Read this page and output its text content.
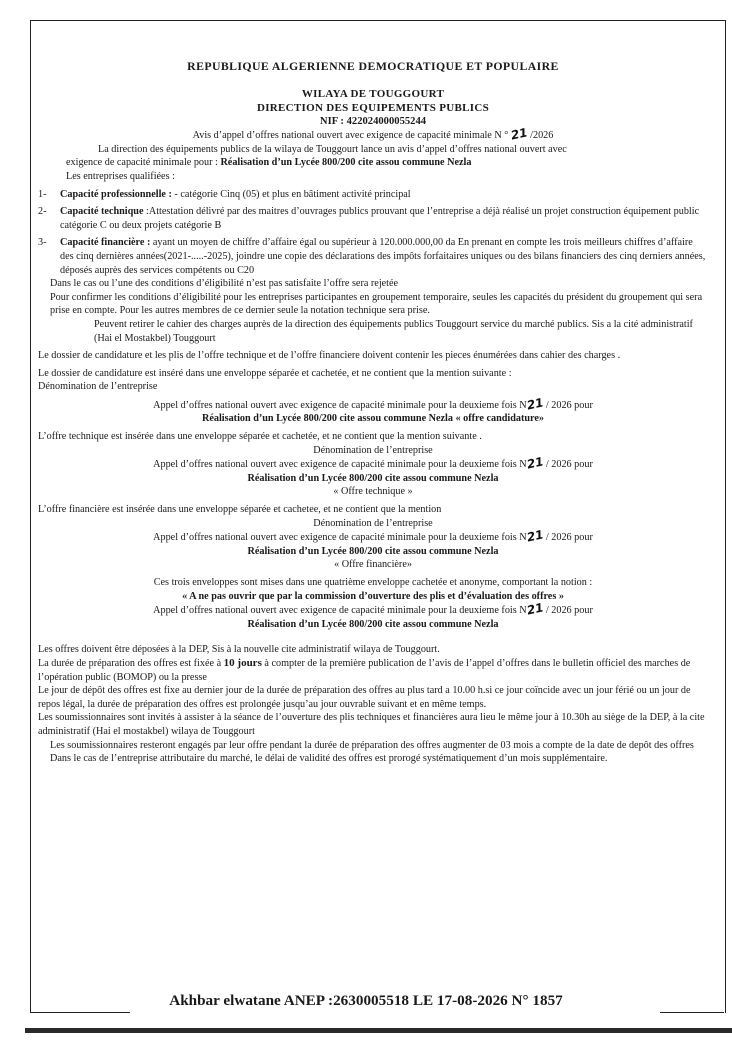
REPUBLIQUE ALGERIENNE DEMOCRATIQUE ET POPULAIRE
WILAYA DE TOUGGOURT
DIRECTION DES EQUIPEMENTS PUBLICS
NIF : 422024000055244
Avis d’appel d’offres national ouvert avec exigence de capacité minimale N ° 21 /2026
La direction des équipements publics de la wilaya de Touggourt lance un avis d’appel d’offres national ouvert avec
exigence de capacité minimale pour : Réalisation d’un Lycée 800/200 cite assou commune Nezla
Les entreprises qualifiées :
1-	Capacité professionnelle : - catégorie Cinq (05) et plus en bâtiment activité principal
2-	Capacité technique :Attestation délivré par des maitres d’ouvrages publics prouvant que l’entreprise a déjà réalisé un projet construction équipement public catégorie C ou deux projets catégorie B
3-	Capacité financière : ayant un moyen de chiffre d’affaire égal ou supérieur à 120.000.000,00 da En prenant en compte les trois meilleurs chiffres d’affaire des cinq dernières années(2021-.....-2025), joindre une copie des déclarations des impôts forfaitaires uniques ou des bilans financiers des cinq derniers années, déposés auprès des services compétents ou C20
Dans le cas ou l’une des conditions d’éligibilité n’est pas satisfaite l’offre sera rejetée
Pour confirmer les conditions d’éligibilité pour les entreprises participantes en groupement temporaire, seules les capacités du président du groupement qui sera prise en compte. Pour les autres membres de ce dernier seule la notation technique sera prise.
Peuvent retirer le cahier des charges auprès de la direction des équipements publics Touggourt service du marché publics. Sis a la cité administratif (Hai el Mostakbel) Touggourt
Le dossier de candidature et les plis de l’offre technique et de l’offre financiere doivent contenir les pieces énumérées dans cahier des charges .
Le dossier de candidature est inséré dans une enveloppe séparée et cachetée, et ne contient que la mention suivante :
Dénomination de l’entreprise
Appel d’offres national ouvert avec exigence de capacité minimale pour la deuxieme fois N21 / 2026 pour
Réalisation d’un Lycée 800/200 cite assou commune Nezla « offre candidature»
L’offre technique est insérée dans une enveloppe séparée et cachetée, et ne contient que la mention suivante .
Dénomination de l’entreprise
Appel d’offres national ouvert avec exigence de capacité minimale pour la deuxieme fois N21 / 2026 pour
Réalisation d’un Lycée 800/200 cite assou commune Nezla
« Offre technique »
L’offre financière est insérée dans une enveloppe séparée et cachetee, et ne contient que la mention
Dénomination de l’entreprise
Appel d’offres national ouvert avec exigence de capacité minimale pour la deuxieme fois N21 / 2026 pour
Réalisation d’un Lycée 800/200 cite assou commune Nezla
« Offre financière»
Ces trois enveloppes sont mises dans une quatrième enveloppe cachetée et anonyme, comportant la notion :
« A ne pas ouvrir que par la commission d’ouverture des plis et d’évaluation des offres »
Appel d’offres national ouvert avec exigence de capacité minimale pour la deuxieme fois N21 / 2026 pour
Réalisation d’un Lycée 800/200 cite assou commune Nezla
Les offres doivent être déposées à la DEP, Sis à la nouvelle cite administratif wilaya de Touggourt.
La durée de préparation des offres est fixée à 10 jours à compter de la première publication de l’avis de l’appel d’offres dans le bulletin officiel des marches de l’opération public (BOMOP) ou la presse
Le jour de dépôt des offres est fixe au dernier jour de la durée de préparation des offres au plus tard a 10.00 h.si ce jour coïncide avec un jour férié ou un jour de repos légal, la durée de préparation des offres est prolongée jusqu’au jour ouvrable suivant et en même temps.
Les soumissionnaires sont invités à assister à la séance de l’ouverture des plis techniques et financières aura lieu le même jour à 10.30h au siège de la DEP, à la cite administratif (Hai el mostakbel) wilaya de Touggourt
Les soumissionnaires resteront engagés par leur offre pendant la durée de préparation des offres augmenter de 03 mois a compte de la date de depôt des offres
Dans le cas de l’entreprise attributaire du marché, le délai de validité des offres est prorogé systématiquement d’un mois supplémentaire.
Akhbar elwatane ANEP :2630005518 LE 17-08-2026 N° 1857
